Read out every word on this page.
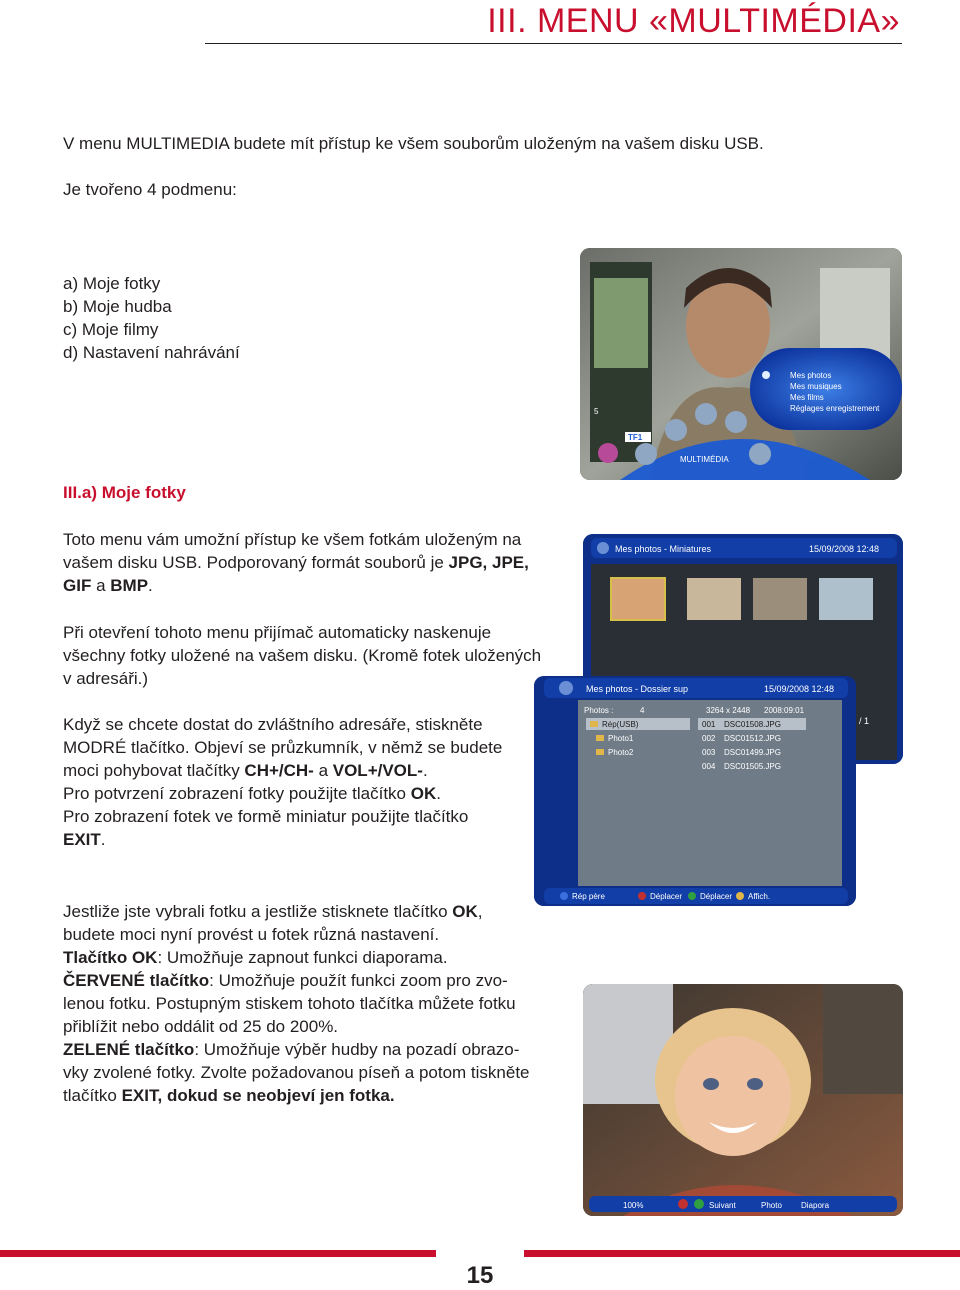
III. MENU «MULTIMÉDIA»
V menu MULTIMEDIA budete mít přístup ke všem souborům uloženým na vašem disku USB.
Je tvořeno 4 podmenu:
a) Moje fotky
b) Moje hudba
c) Moje filmy
d) Nastavení nahrávání
III.a) Moje fotky
Toto menu vám umožní přístup ke všem fotkám uloženým na
vašem disku USB. Podporovaný formát souborů je JPG, JPE,
GIF a BMP.
Při otevření tohoto menu přijímač automaticky naskenuje
všechny fotky uložené na vašem disku. (Kromě fotek uložených
v adresáři.)
Když se chcete dostat do zvláštního adresáře, stiskněte
MODRÉ tlačítko. Objeví se průzkumník, v němž se budete
moci pohybovat tlačítky CH+/CH- a VOL+/VOL-.
Pro potvrzení zobrazení fotky použijte tlačítko OK.
Pro zobrazení fotek ve formě miniatur použijte tlačítko
EXIT.
Jestliže jste vybrali fotku a jestliže stisknete tlačítko OK,
budete moci nyní provést u fotek různá nastavení.
Tlačítko OK: Umožňuje zapnout funkci diaporama.
ČERVENÉ tlačítko: Umožňuje použít funkci zoom pro zvo-
lenou fotku. Postupným stiskem tohoto tlačítka můžete fotku
přiblížit nebo oddálit od 25 do 200%.
ZELENÉ tlačítko: Umožňuje výběr hudby na pozadí obrazo-
vky zvolené fotky. Zvolte požadovanou píseň a potom tiskněte
tlačítko EXIT, dokud se neobjeví jen fotka.
Mes photos
Mes musiques
Mes films
Réglages enregistrement
5
TF1
MULTIMÉDIA
Mes photos - Miniatures	15/09/2008 12:48
/ 1
Mes photos - Dossier sup	15/09/2008 12:48
Photos :	4	3264 x 2448 2008:09:01
Rép(USB)
Photo1
Photo2
001 DSC01508.JPG
002 DSC01512.JPG
003 DSC01499.JPG
004 DSC01505.JPG
Rép père	Déplacer Déplacer Affich.
100%	Suivant	Photo Diapora
15
